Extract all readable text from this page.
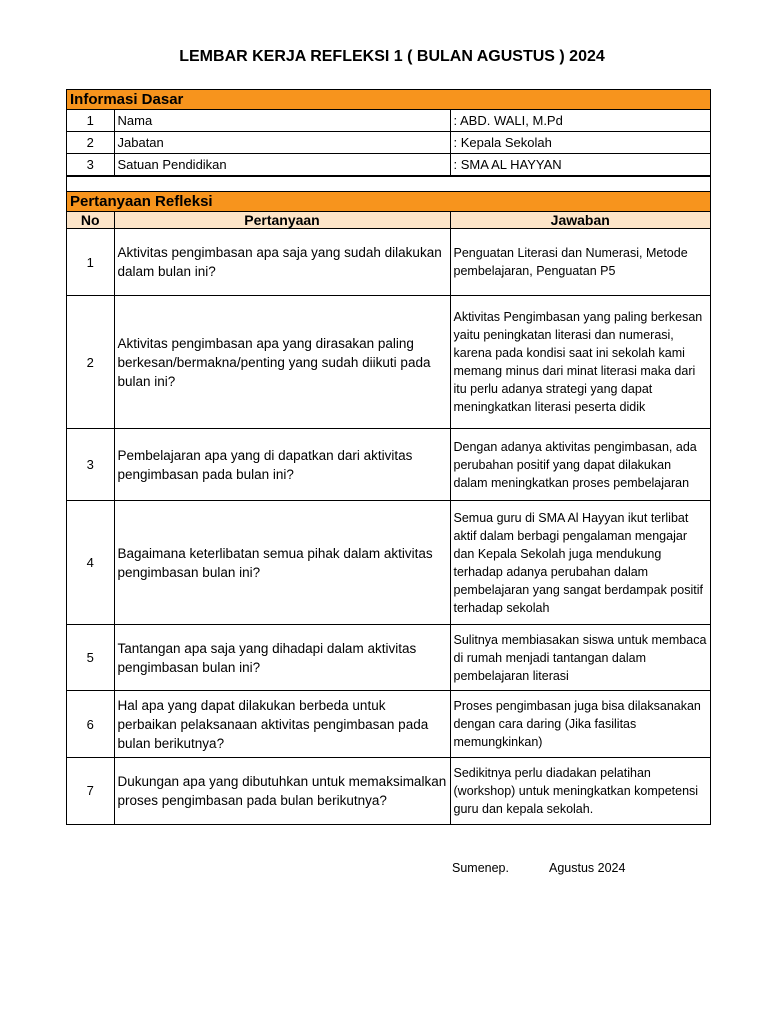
LEMBAR KERJA REFLEKSI 1 ( BULAN AGUSTUS ) 2024
Informasi Dasar
1	Nama	: ABD. WALI, M.Pd
2	Jabatan	: Kepala Sekolah
3	Satuan Pendidikan	: SMA AL HAYYAN
Pertanyaan Refleksi
No	Pertanyaan	Jawaban
1	Aktivitas pengimbasan apa saja yang sudah dilakukan dalam bulan ini?	Penguatan Literasi dan Numerasi, Metode pembelajaran, Penguatan P5
2	Aktivitas pengimbasan apa yang dirasakan paling berkesan/bermakna/penting yang sudah diikuti pada bulan ini?	Aktivitas Pengimbasan yang paling berkesan yaitu peningkatan literasi dan numerasi, karena pada kondisi saat ini sekolah kami memang minus dari minat literasi maka dari itu perlu adanya strategi yang dapat meningkatkan literasi peserta didik
3	Pembelajaran apa yang di dapatkan dari aktivitas pengimbasan pada bulan ini?	Dengan adanya aktivitas pengimbasan, ada perubahan positif yang dapat dilakukan dalam meningkatkan proses pembelajaran
4	Bagaimana keterlibatan semua pihak dalam aktivitas pengimbasan bulan ini?	Semua guru di SMA Al Hayyan ikut terlibat aktif dalam berbagi pengalaman mengajar dan Kepala Sekolah juga mendukung terhadap adanya perubahan dalam pembelajaran yang sangat berdampak positif terhadap sekolah
5	Tantangan apa saja yang dihadapi dalam aktivitas pengimbasan bulan ini?	Sulitnya membiasakan siswa untuk membaca di rumah menjadi tantangan dalam pembelajaran literasi
6	Hal apa yang dapat dilakukan berbeda untuk perbaikan pelaksanaan aktivitas pengimbasan pada bulan berikutnya?	Proses pengimbasan juga bisa dilaksanakan dengan cara daring (Jika fasilitas memungkinkan)
7	Dukungan apa yang dibutuhkan untuk memaksimalkan proses pengimbasan pada bulan berikutnya?	Sedikitnya perlu diadakan pelatihan (workshop) untuk meningkatkan kompetensi guru dan kepala sekolah.
Sumenep.	Agustus 2024
